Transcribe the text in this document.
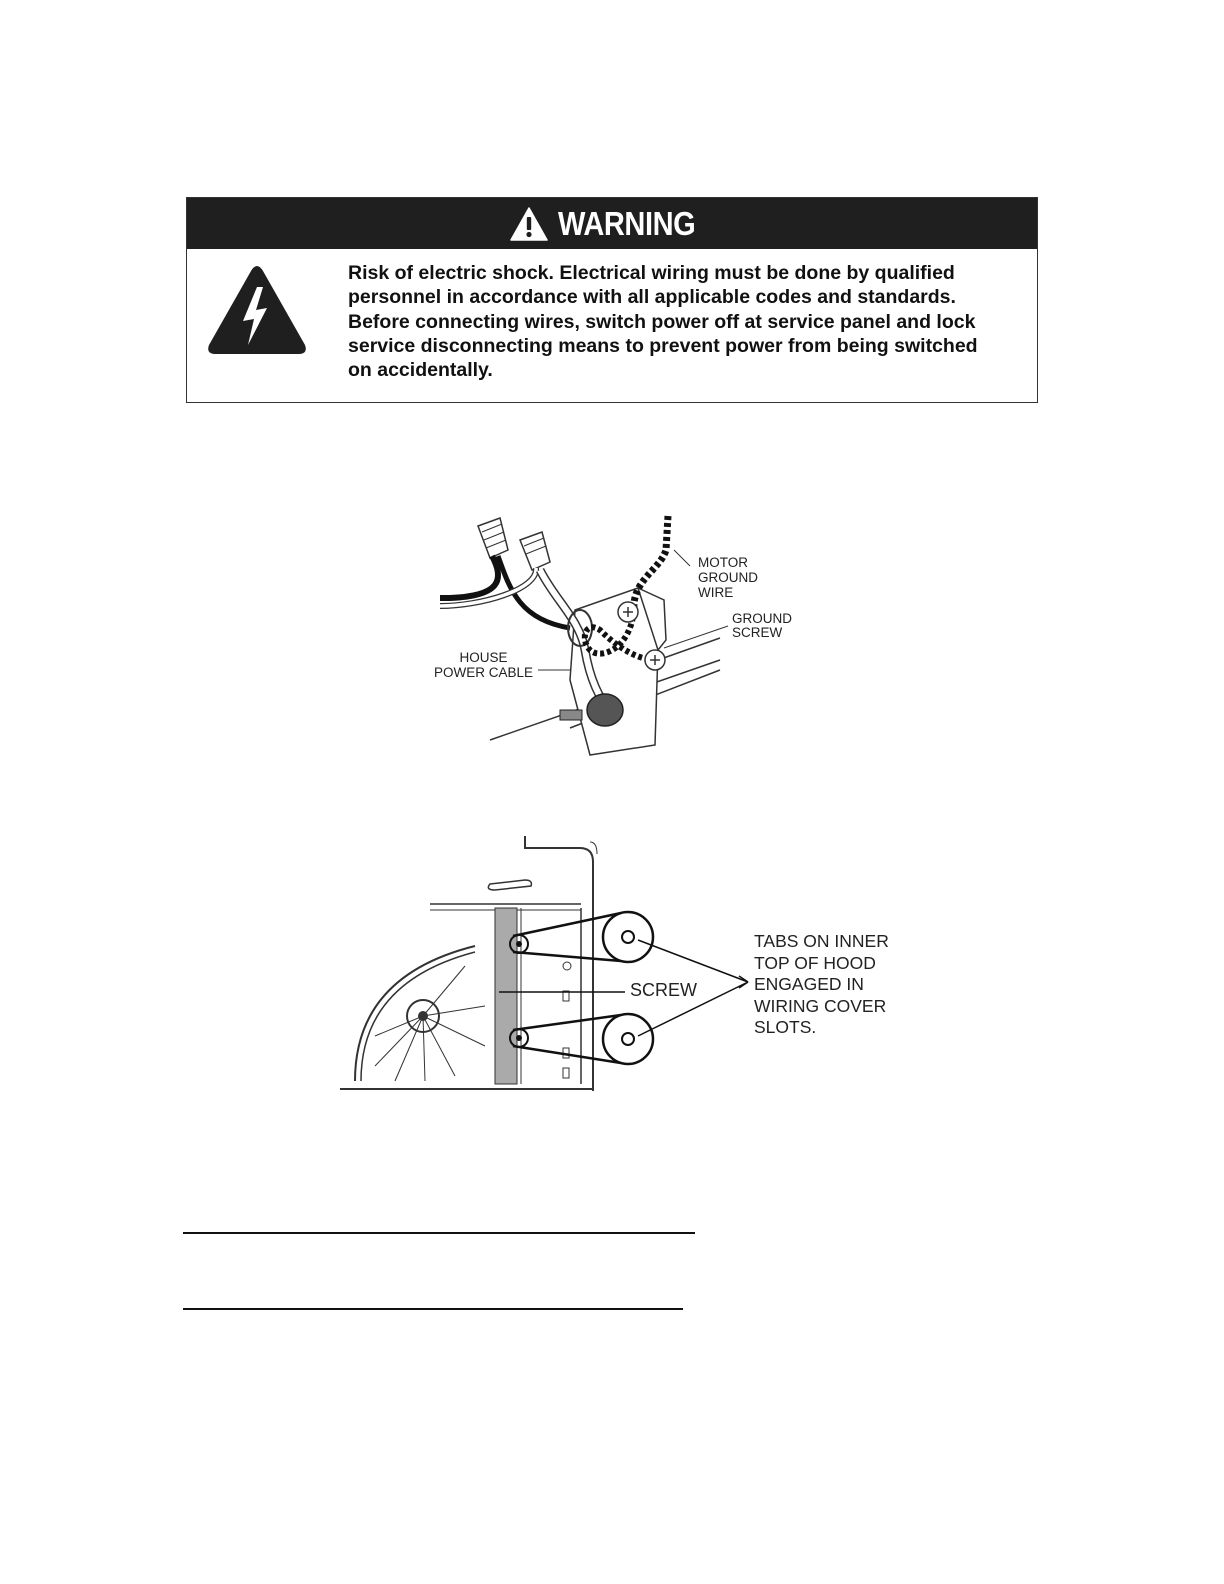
WARNING
Risk of electric shock. Electrical wiring must be done by qualified
personnel in accordance with all applicable codes and standards.
Before connecting wires, switch power off at service panel and lock
service disconnecting means to prevent power from being switched
on accidentally.
MOTOR
GROUND
WIRE
GROUND
SCREW
HOUSE
POWER CABLE
SCREW
TABS ON INNER
TOP OF HOOD
ENGAGED IN
WIRING COVER
SLOTS.
